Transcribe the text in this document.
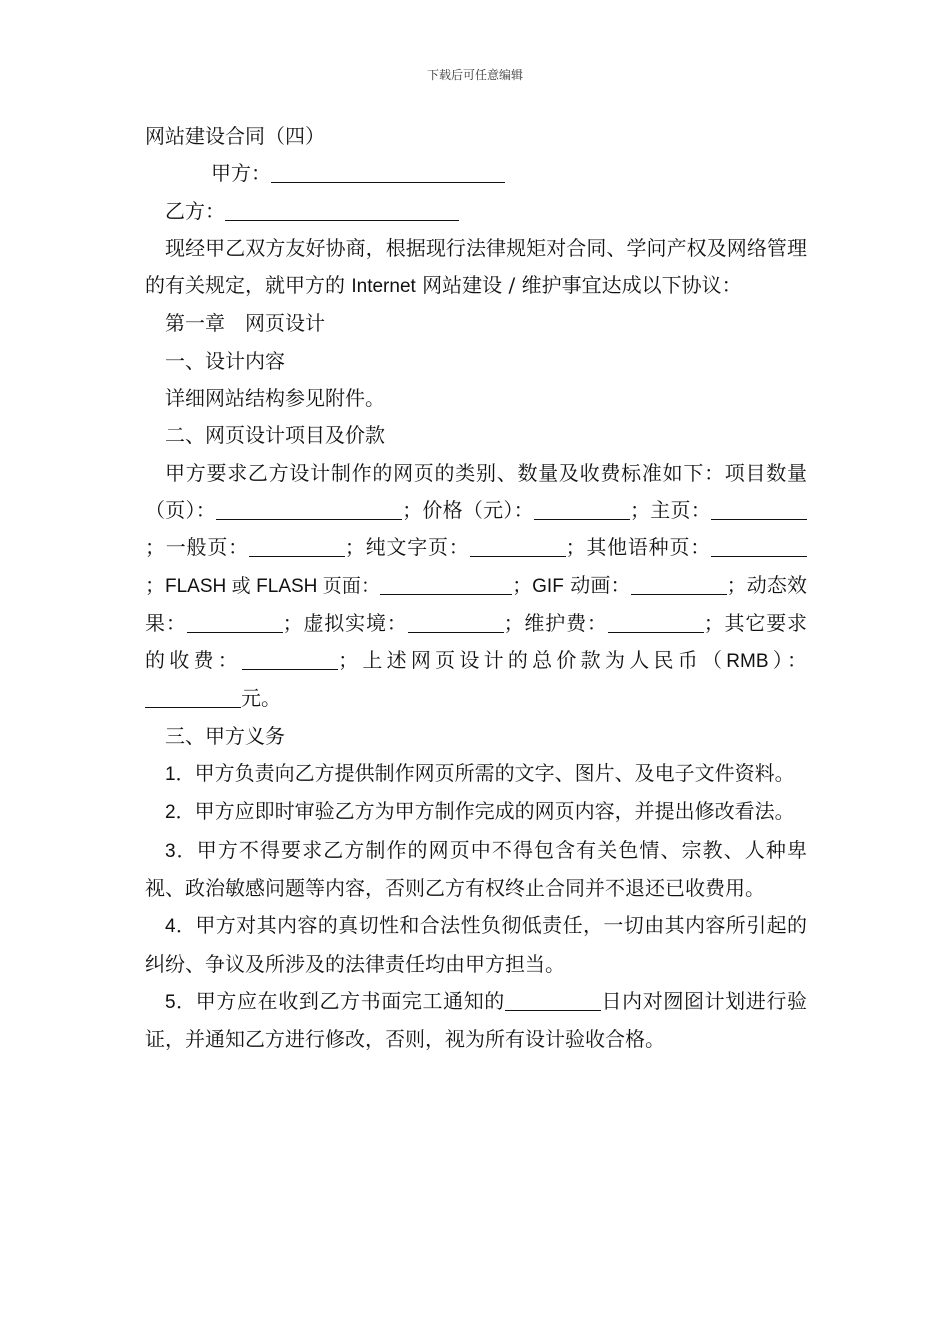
下载后可任意编辑

网站建设合同（四）

甲方：

乙方：

现经甲乙双方友好协商，根据现行法律规矩对合同、学问产权及网络管理的有关规定，就甲方的 Internet 网站建设 / 维护事宜达成以下协议：

第一章　网页设计

一、设计内容

详细网站结构参见附件。

二、网页设计项目及价款

甲方要求乙方设计制作的网页的类别、数量及收费标准如下：项目数量（页）：	；价格（元）：	；主页：；一般页：	；纯文字页：	；其他语种页：；FLASH 或 FLASH 页面：	；GIF 动画：	；动态效果：	；虚拟实境：	；维护费：	；其它要求的收费：	；上述网页设计的总价款为人民币（RMB）：元。

三、甲方义务

1．甲方负责向乙方提供制作网页所需的文字、图片、及电子文件资料。

2．甲方应即时审验乙方为甲方制作完成的网页内容，并提出修改看法。

3．甲方不得要求乙方制作的网页中不得包含有关色情、宗教、人种卑视、政治敏感问题等内容，否则乙方有权终止合同并不退还已收费用。

4．甲方对其内容的真切性和合法性负彻低责任，一切由其内容所引起的纠纷、争议及所涉及的法律责任均由甲方担当。

5．甲方应在收到乙方书面完工通知的	日内对囫囵计划进行验证，并通知乙方进行修改，否则，视为所有设计验收合格。
